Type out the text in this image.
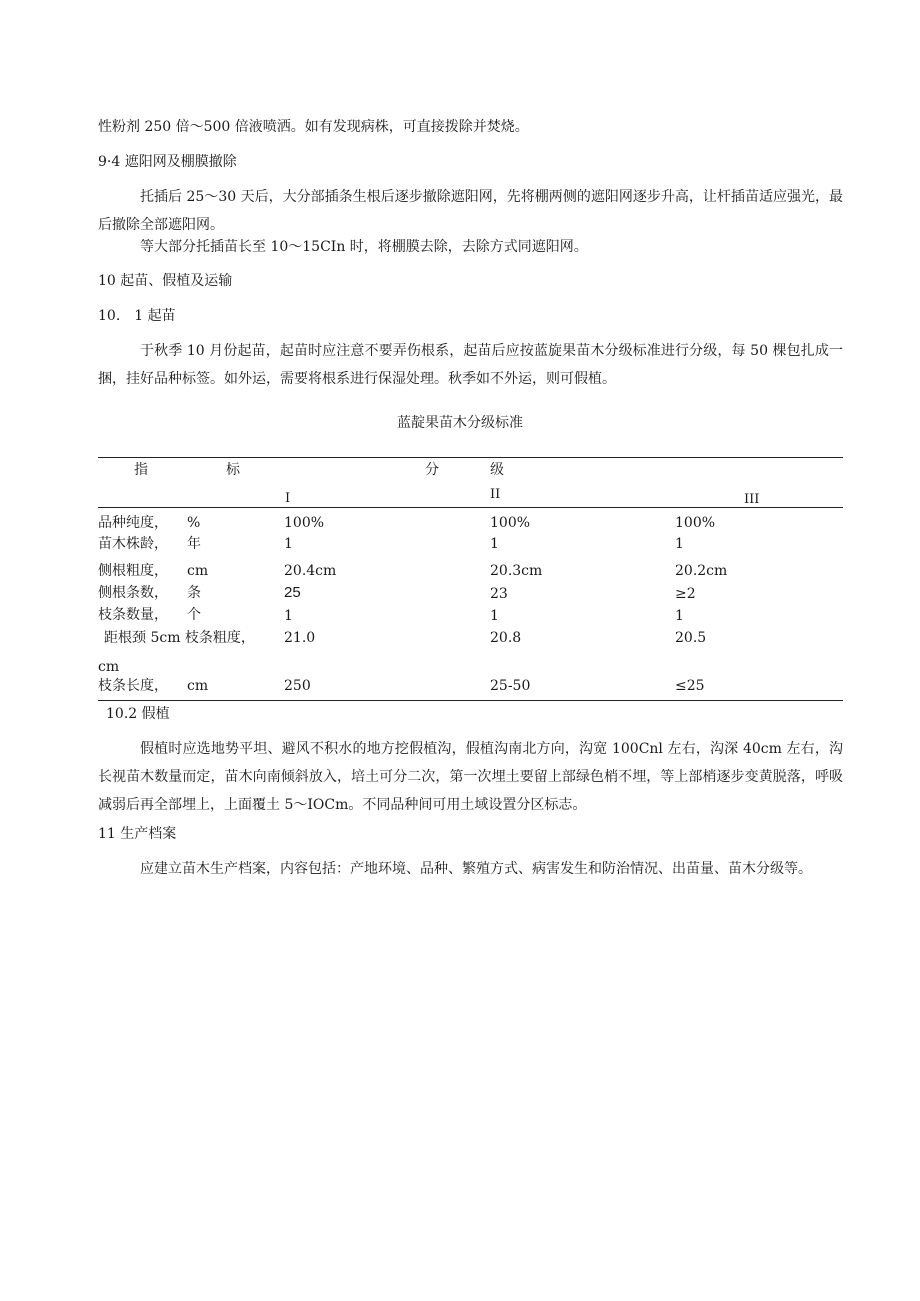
性粉剂 250 倍～500 倍液喷洒。如有发现病株，可直接拨除并焚烧。
9·4 遮阳网及棚膜撤除
托插后 25～30 天后，大分部插条生根后逐步撤除遮阳网，先将棚两侧的遮阳网逐步升高，让杆插苗适应强光，最后撤除全部遮阳网。
等大部分托插苗长至 10～15CIn 时，将棚膜去除，去除方式同遮阳网。
10 起苗、假植及运输
10.　1 起苗
于秋季 10 月份起苗，起苗时应注意不要弄伤根系，起苗后应按蓝旋果苗木分级标准进行分级，每 50 棵包扎成一捆，挂好品种标签。如外运，需要将根系进行保湿处理。秋季如不外运，则可假植。
蓝靛果苗木分级标准
指	标	分	级
I	II	III
品种纯度， %	100%	100%	100%
苗木株龄， 年	1	1	1
侧根粗度， cm	20.4cm	20.3cm	20.2cm
侧根条数， 条	25	23	≥2
枝条数量， 个	1	1	1
距根颈 5cm 枝条粗度，
cm
21.0	20.8	20.5
枝条长度， cm	250	25-50	≤25
10.2 假植
假植时应选地势平坦、避风不积水的地方挖假植沟，假植沟南北方向，沟宽 100Cnl 左右，沟深 40cm 左右，沟长视苗木数量而定，苗木向南倾斜放入，培土可分二次，第一次埋土要留上部绿色梢不埋，等上部梢逐步变黄脱落，呼吸减弱后再全部埋上，上面覆土 5～IOCm。不同品种间可用土域设置分区标志。
11 生产档案
应建立苗木生产档案，内容包括：产地环境、品种、繁殖方式、病害发生和防治情况、出苗量、苗木分级等。
